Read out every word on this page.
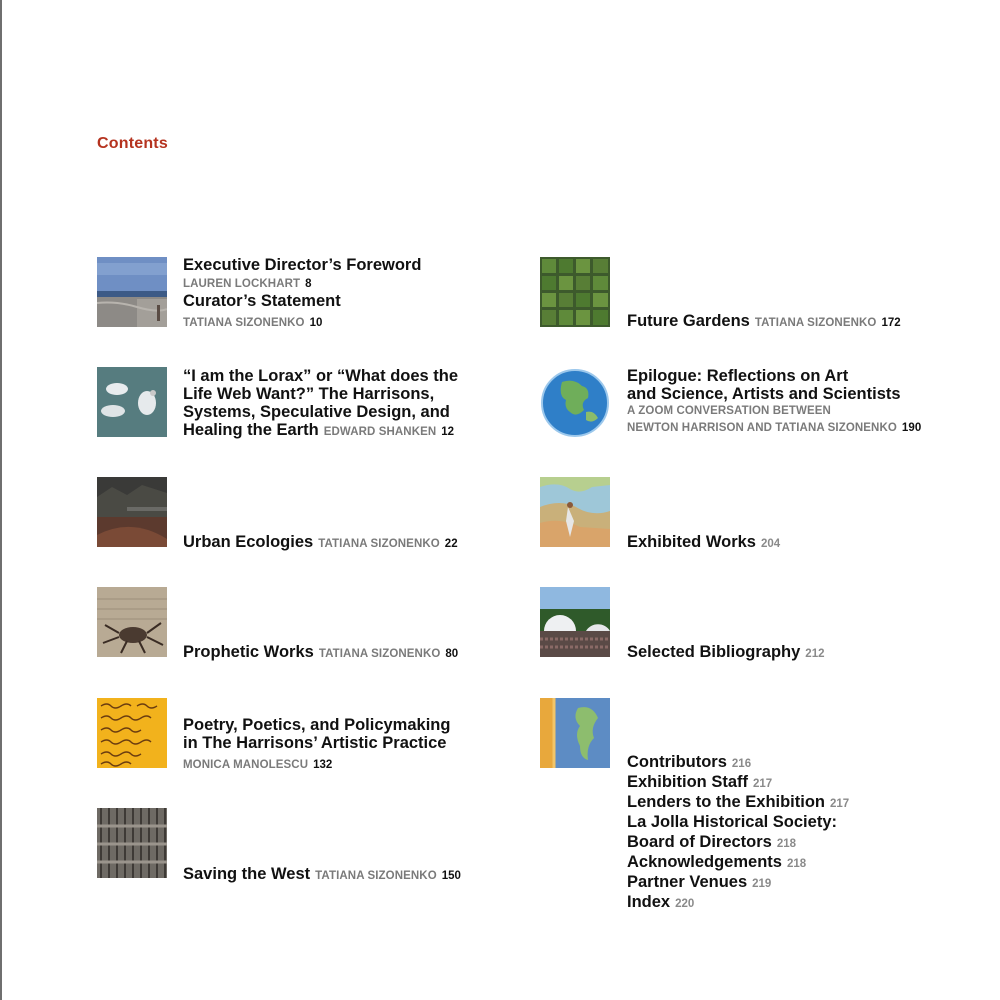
Contents
Executive Director’s Foreword
LAUREN LOCKHART 8
Curator’s Statement
TATIANA SIZONENKO 10
“I am the Lorax” or “What does the
Life Web Want?” The Harrisons,
Systems, Speculative Design, and
Healing the Earth EDWARD SHANKEN 12
Urban Ecologies TATIANA SIZONENKO 22
Prophetic Works TATIANA SIZONENKO 80
Poetry, Poetics, and Policymaking
in The Harrisons’ Artistic Practice
MONICA MANOLESCU 132
Saving the West TATIANA SIZONENKO 150
Future Gardens TATIANA SIZONENKO 172
Epilogue: Reflections on Art
and Science, Artists and Scientists
A ZOOM CONVERSATION BETWEEN
NEWTON HARRISON AND TATIANA SIZONENKO 190
Exhibited Works 204
Selected Bibliography 212
Contributors 216
Exhibition Staff 217
Lenders to the Exhibition 217
La Jolla Historical Society:
Board of Directors 218
Acknowledgements 218
Partner Venues 219
Index 220
